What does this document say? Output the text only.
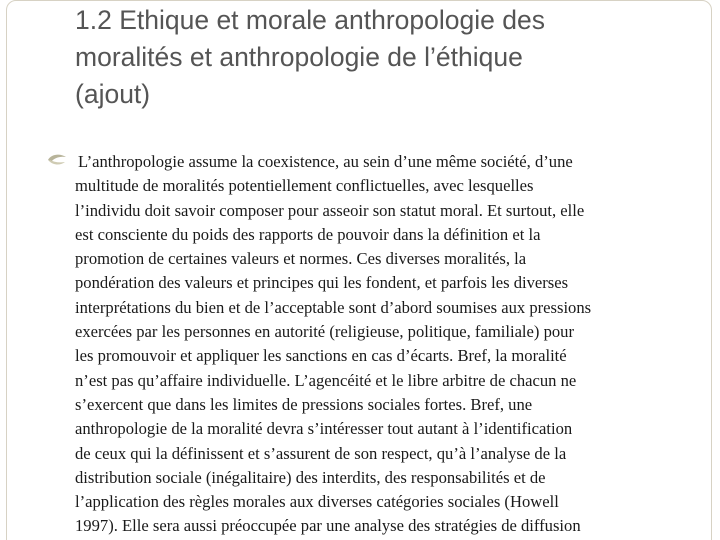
1.2 Ethique et morale anthropologie des
moralités et anthropologie de l’éthique
(ajout)

L’anthropologie assume la coexistence, au sein d’une même société, d’une
multitude de moralités potentiellement conflictuelles, avec lesquelles
l’individu doit savoir composer pour asseoir son statut moral. Et surtout, elle
est consciente du poids des rapports de pouvoir dans la définition et la
promotion de certaines valeurs et normes. Ces diverses moralités, la
pondération des valeurs et principes qui les fondent, et parfois les diverses
interprétations du bien et de l’acceptable sont d’abord soumises aux pressions
exercées par les personnes en autorité (religieuse, politique, familiale) pour
les promouvoir et appliquer les sanctions en cas d’écarts. Bref, la moralité
n’est pas qu’affaire individuelle. L’agencéité et le libre arbitre de chacun ne
s’exercent que dans les limites de pressions sociales fortes. Bref, une
anthropologie de la moralité devra s’intéresser tout autant à l’identification
de ceux qui la définissent et s’assurent de son respect, qu’à l’analyse de la
distribution sociale (inégalitaire) des interdits, des responsabilités et de
l’application des règles morales aux diverses catégories sociales (Howell
1997). Elle sera aussi préoccupée par une analyse des stratégies de diffusion
